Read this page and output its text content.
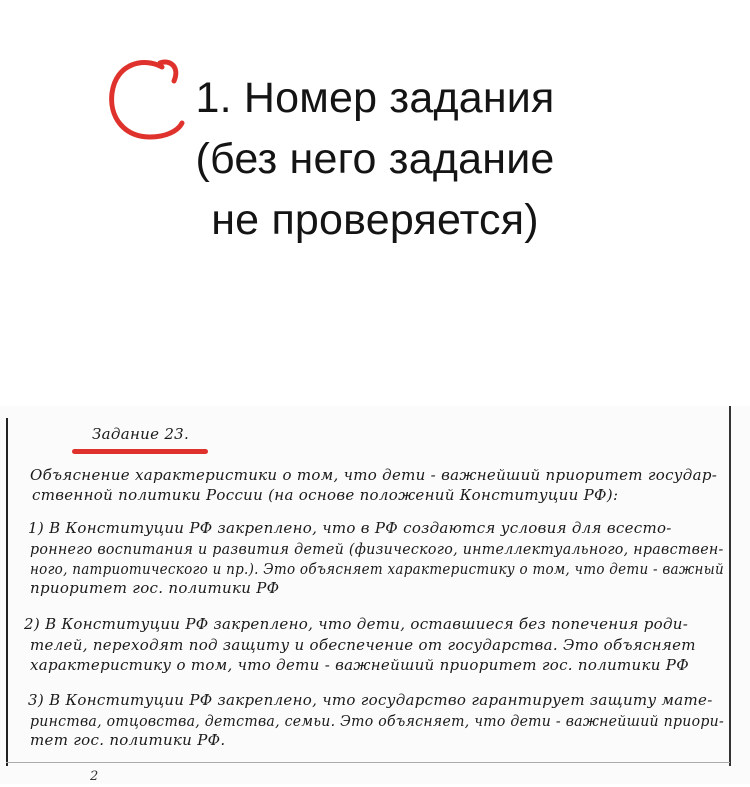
1. Номер задания
(без него задание
не проверяется)
Задание 23.
Объяснение характеристики о том, что дети - важнейший приоритет государ-
ственной политики России (на основе положений Конституции РФ):
1) В Конституции РФ закреплено, что в РФ создаются условия для всесто-
роннего воспитания и развития детей (физического, интеллектуального, нравствен-
ного, патриотического и пр.). Это объясняет характеристику о том, что дети - важный
приоритет гос. политики РФ
2) В Конституции РФ закреплено, что дети, оставшиеся без попечения роди-
телей, переходят под защиту и обеспечение от государства. Это объясняет
характеристику о том, что дети - важнейший приоритет гос. политики РФ
3) В Конституции РФ закреплено, что государство гарантирует защиту мате-
ринства, отцовства, детства, семьи. Это объясняет, что дети - важнейший приори-
тет гос. политики РФ.
2
